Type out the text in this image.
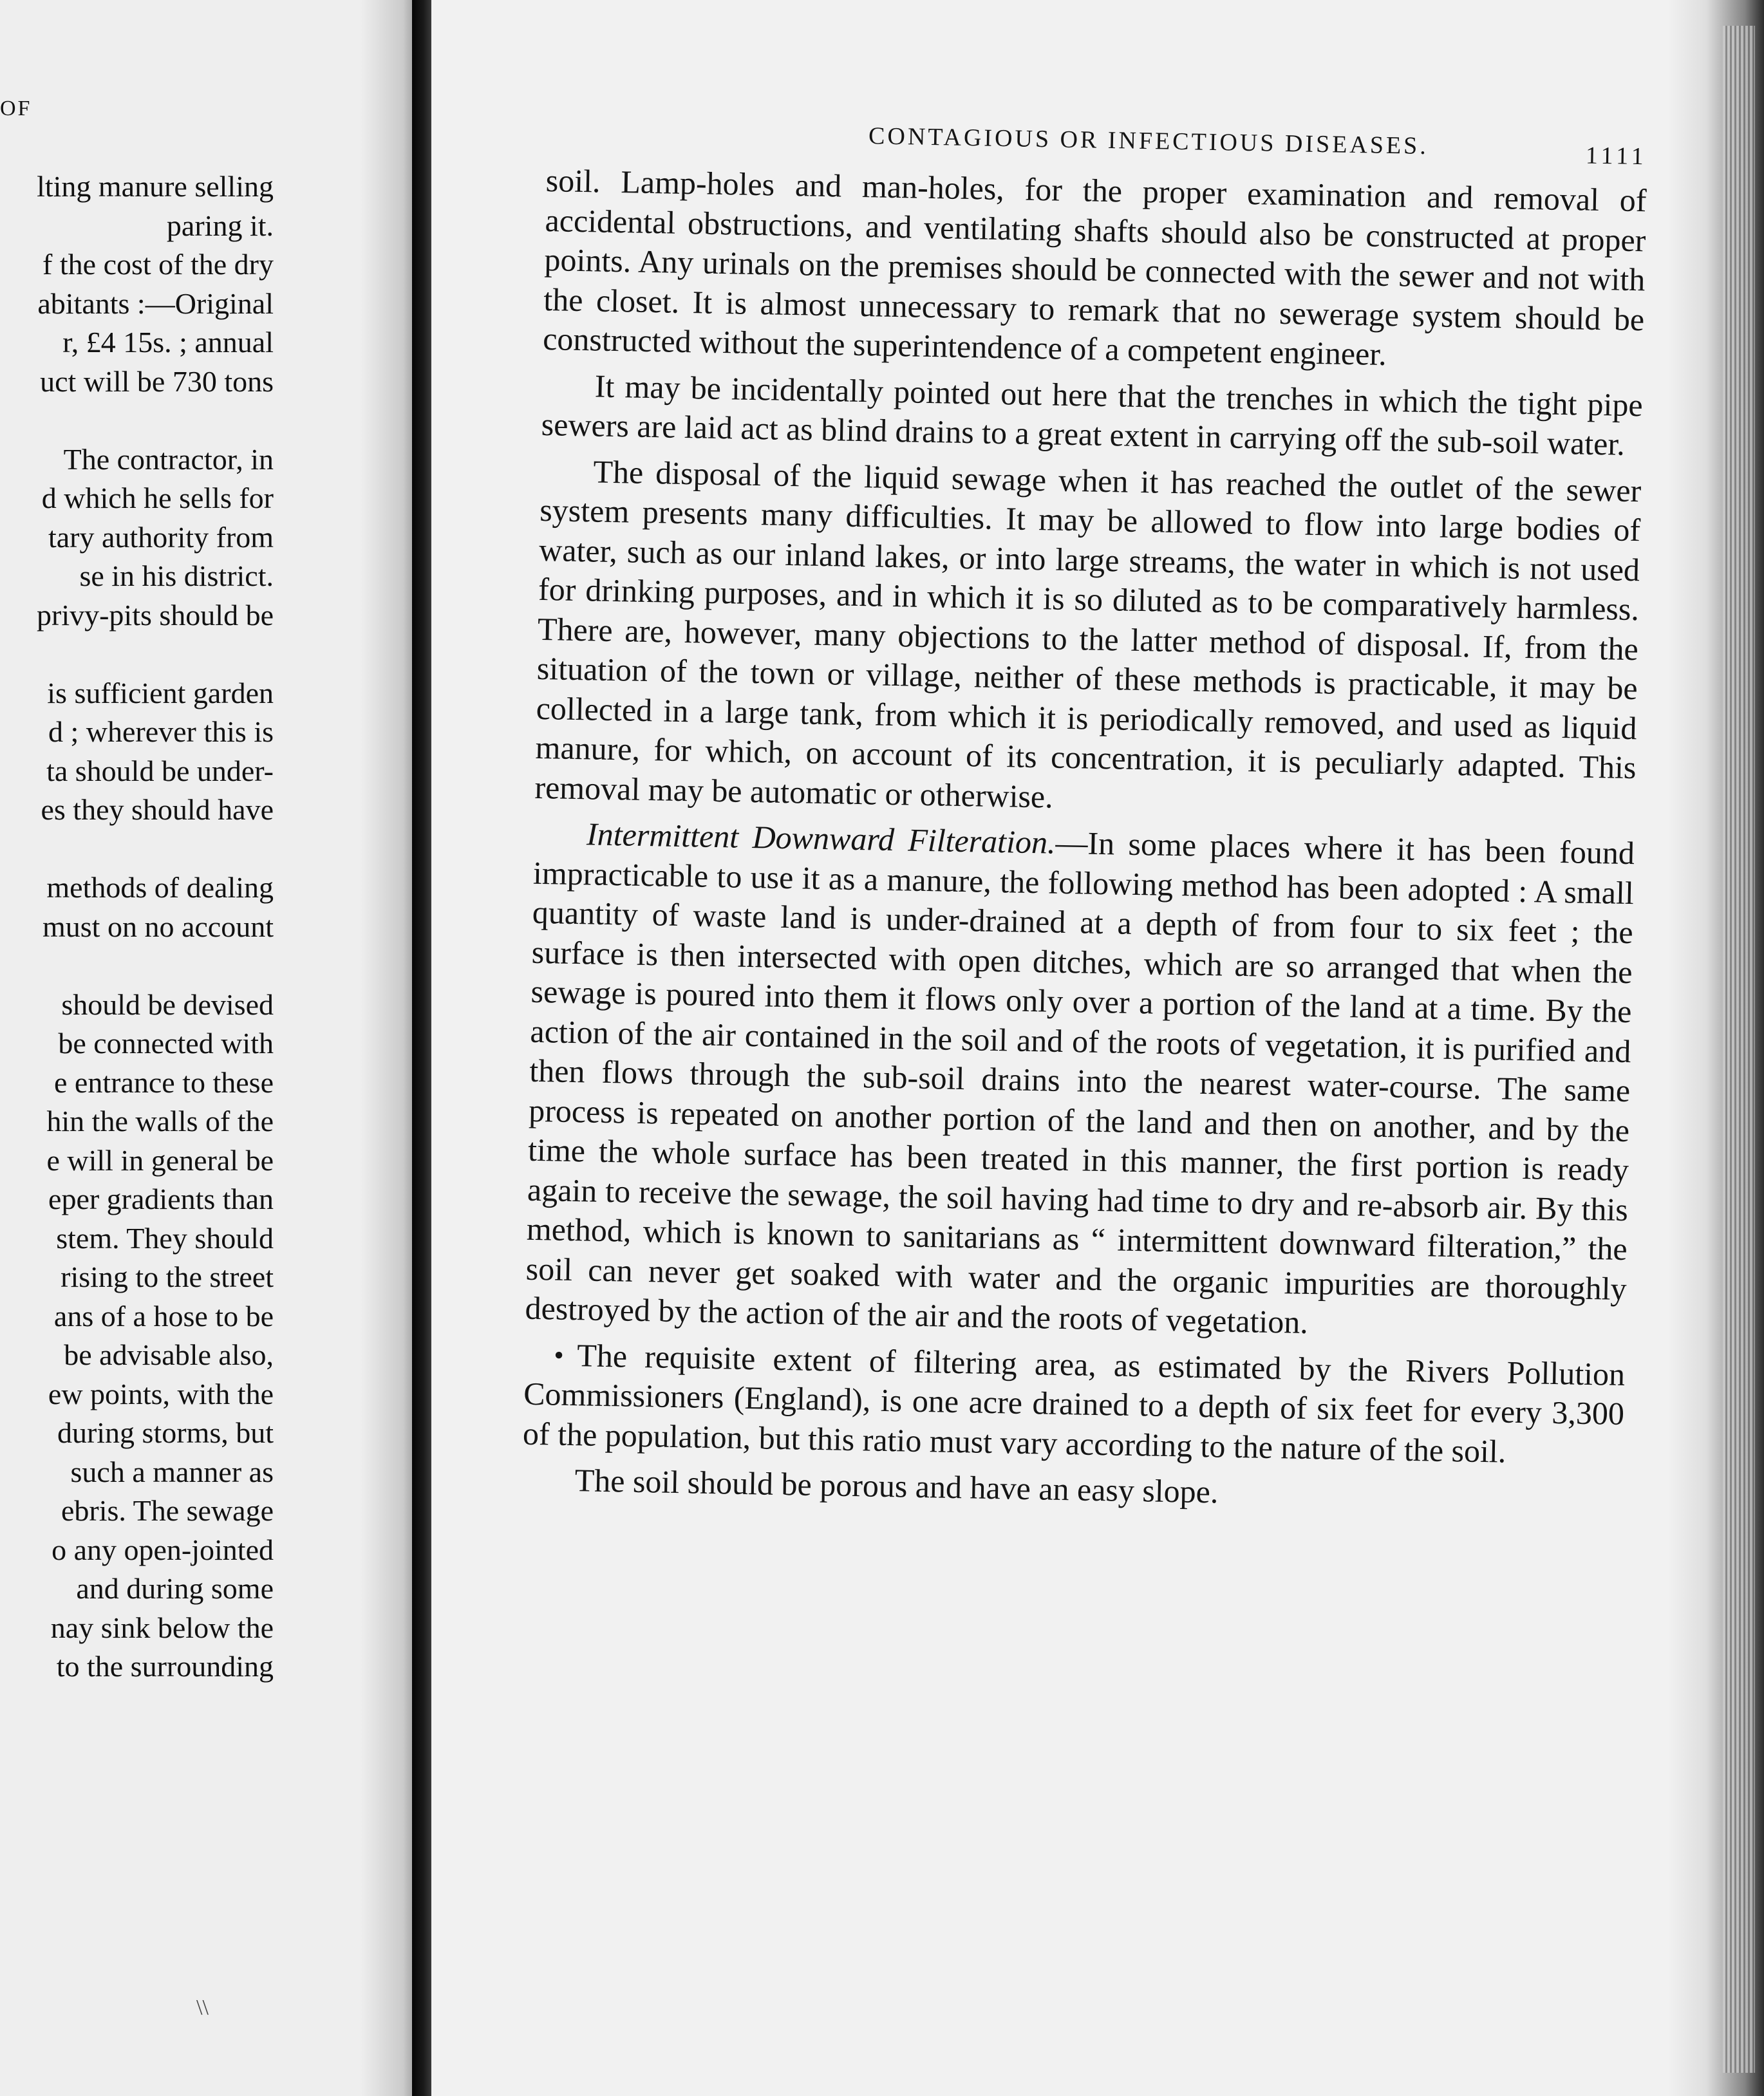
OF
lting manure selling
paring it.
f the cost of the dry
abitants :—Original
r, £4 15s. ; annual
uct will be 730 tons
The contractor, in
d which he sells for
tary authority from
se in his district.
privy-pits should be
is sufficient garden
d ; wherever this is
ta should be under-
es they should have
methods of dealing
must on no account
should be devised
be connected with
e entrance to these
hin the walls of the
e will in general be
eper gradients than
stem. They should
rising to the street
ans of a hose to be
be advisable also,
ew points, with the
during storms, but
such a manner as
ebris. The sewage
o any open-jointed
and during some
nay sink below the
to the surrounding
\\
CONTAGIOUS OR INFECTIOUS DISEASES.	1111

soil. Lamp-holes and man-holes, for the proper examination and removal of accidental obstructions, and ventilating shafts should also be constructed at proper points. Any urinals on the premises should be connected with the sewer and not with the closet. It is almost unnecessary to remark that no sewerage system should be constructed without the superintendence of a competent engineer.

It may be incidentally pointed out here that the trenches in which the tight pipe sewers are laid act as blind drains to a great extent in carrying off the sub-soil water.

The disposal of the liquid sewage when it has reached the outlet of the sewer system presents many difficulties. It may be allowed to flow into large bodies of water, such as our inland lakes, or into large streams, the water in which is not used for drinking purposes, and in which it is so diluted as to be comparatively harmless. There are, however, many objections to the latter method of disposal. If, from the situation of the town or village, neither of these methods is practicable, it may be collected in a large tank, from which it is periodically removed, and used as liquid manure, for which, on account of its concentration, it is peculiarly adapted. This removal may be automatic or otherwise.

Intermittent Downward Filteration.—In some places where it has been found impracticable to use it as a manure, the following method has been adopted : A small quantity of waste land is under-drained at a depth of from four to six feet ; the surface is then intersected with open ditches, which are so arranged that when the sewage is poured into them it flows only over a portion of the land at a time. By the action of the air contained in the soil and of the roots of vegetation, it is purified and then flows through the sub-soil drains into the nearest water-course. The same process is repeated on another portion of the land and then on another, and by the time the whole surface has been treated in this manner, the first portion is ready again to receive the sewage, the soil having had time to dry and re-absorb air. By this method, which is known to sanitarians as “ intermittent downward filteration,” the soil can never get soaked with water and the organic impurities are thoroughly destroyed by the action of the air and the roots of vegetation.

• The requisite extent of filtering area, as estimated by the Rivers Pollution Commissioners (England), is one acre drained to a depth of six feet for every 3,300 of the population, but this ratio must vary according to the nature of the soil.

The soil should be porous and have an easy slope.
